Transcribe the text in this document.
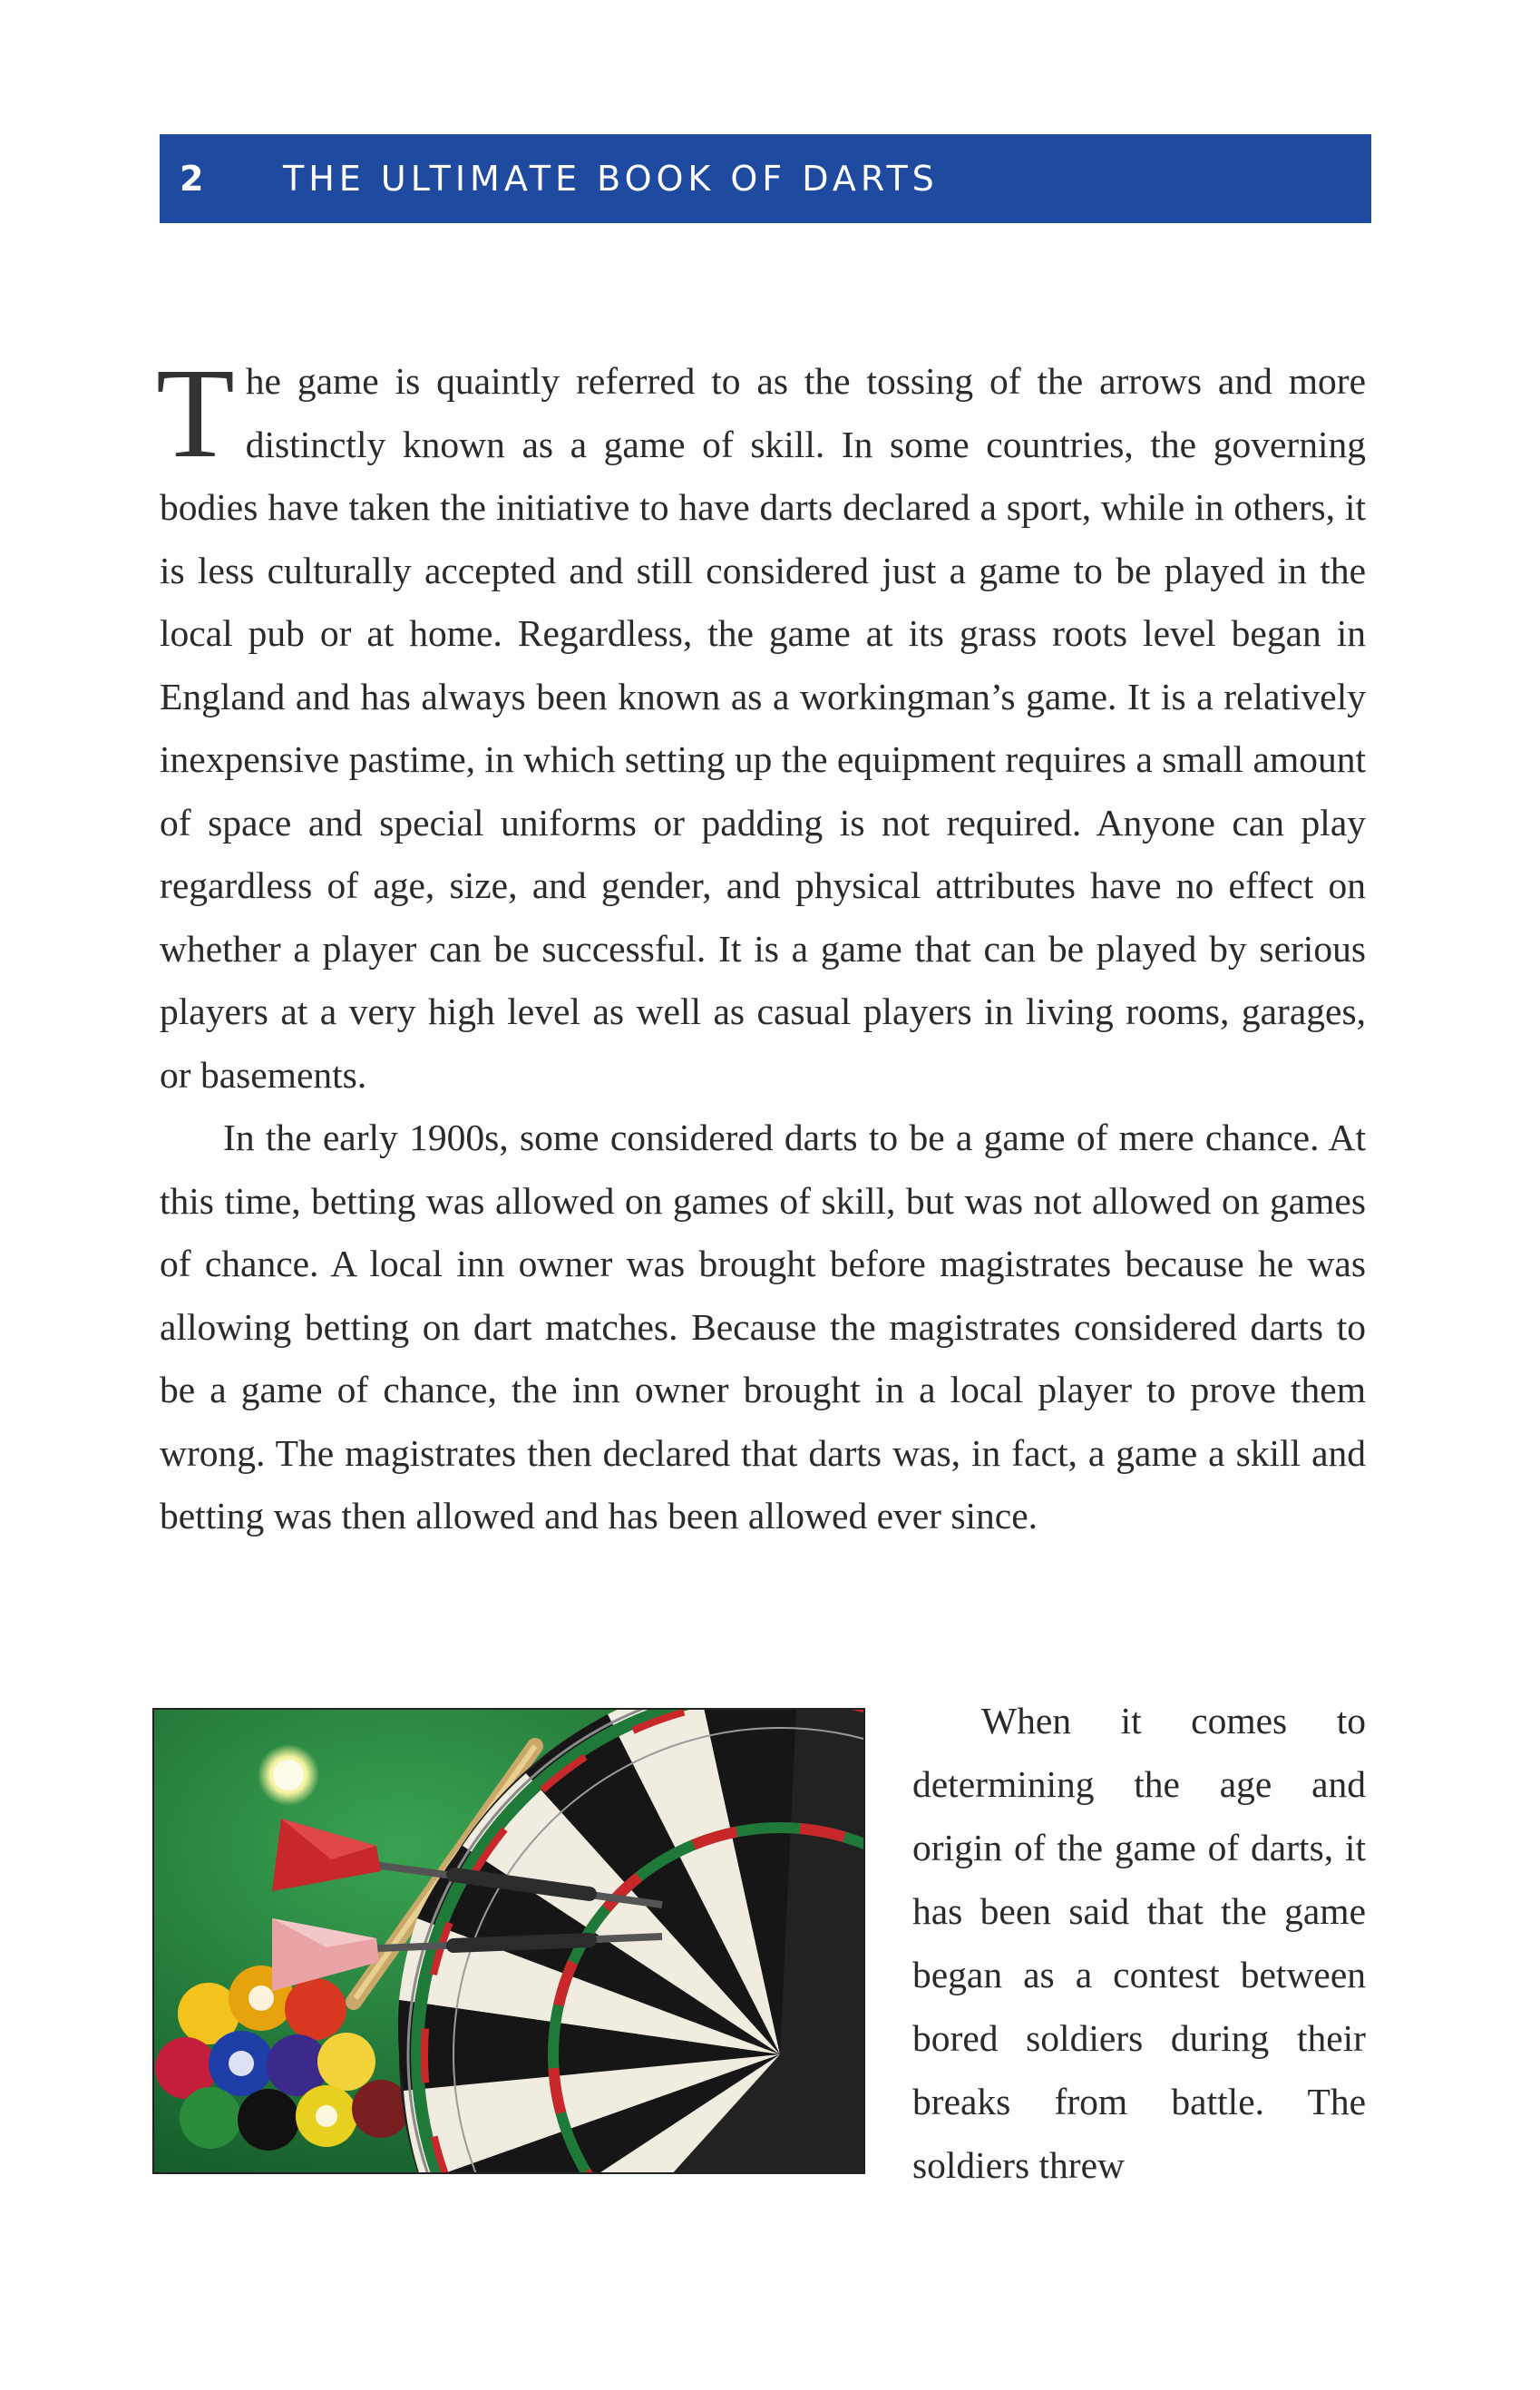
2	THE ULTIMATE BOOK OF DARTS

The game is quaintly referred to as the tossing of the arrows and more distinctly known as a game of skill. In some countries, the governing bodies have taken the initiative to have darts declared a sport, while in others, it is less culturally accepted and still considered just a game to be played in the local pub or at home. Regardless, the game at its grass roots level began in England and has always been known as a workingman’s game. It is a relatively inexpensive pastime, in which setting up the equipment requires a small amount of space and special uniforms or padding is not required. Anyone can play regardless of age, size, and gender, and physical attributes have no effect on whether a player can be successful. It is a game that can be played by serious players at a very high level as well as casual players in living rooms, garages, or basements.

In the early 1900s, some considered darts to be a game of mere chance. At this time, betting was allowed on games of skill, but was not allowed on games of chance. A local inn owner was brought before magistrates because he was allowing betting on dart matches. Because the magistrates considered darts to be a game of chance, the inn owner brought in a local player to prove them wrong. The magistrates then declared that darts was, in fact, a game a skill and betting was then allowed and has been allowed ever since.

When it comes to determining the age and origin of the game of darts, it has been said that the game began as a contest between bored soldiers during their breaks from battle. The soldiers threw
